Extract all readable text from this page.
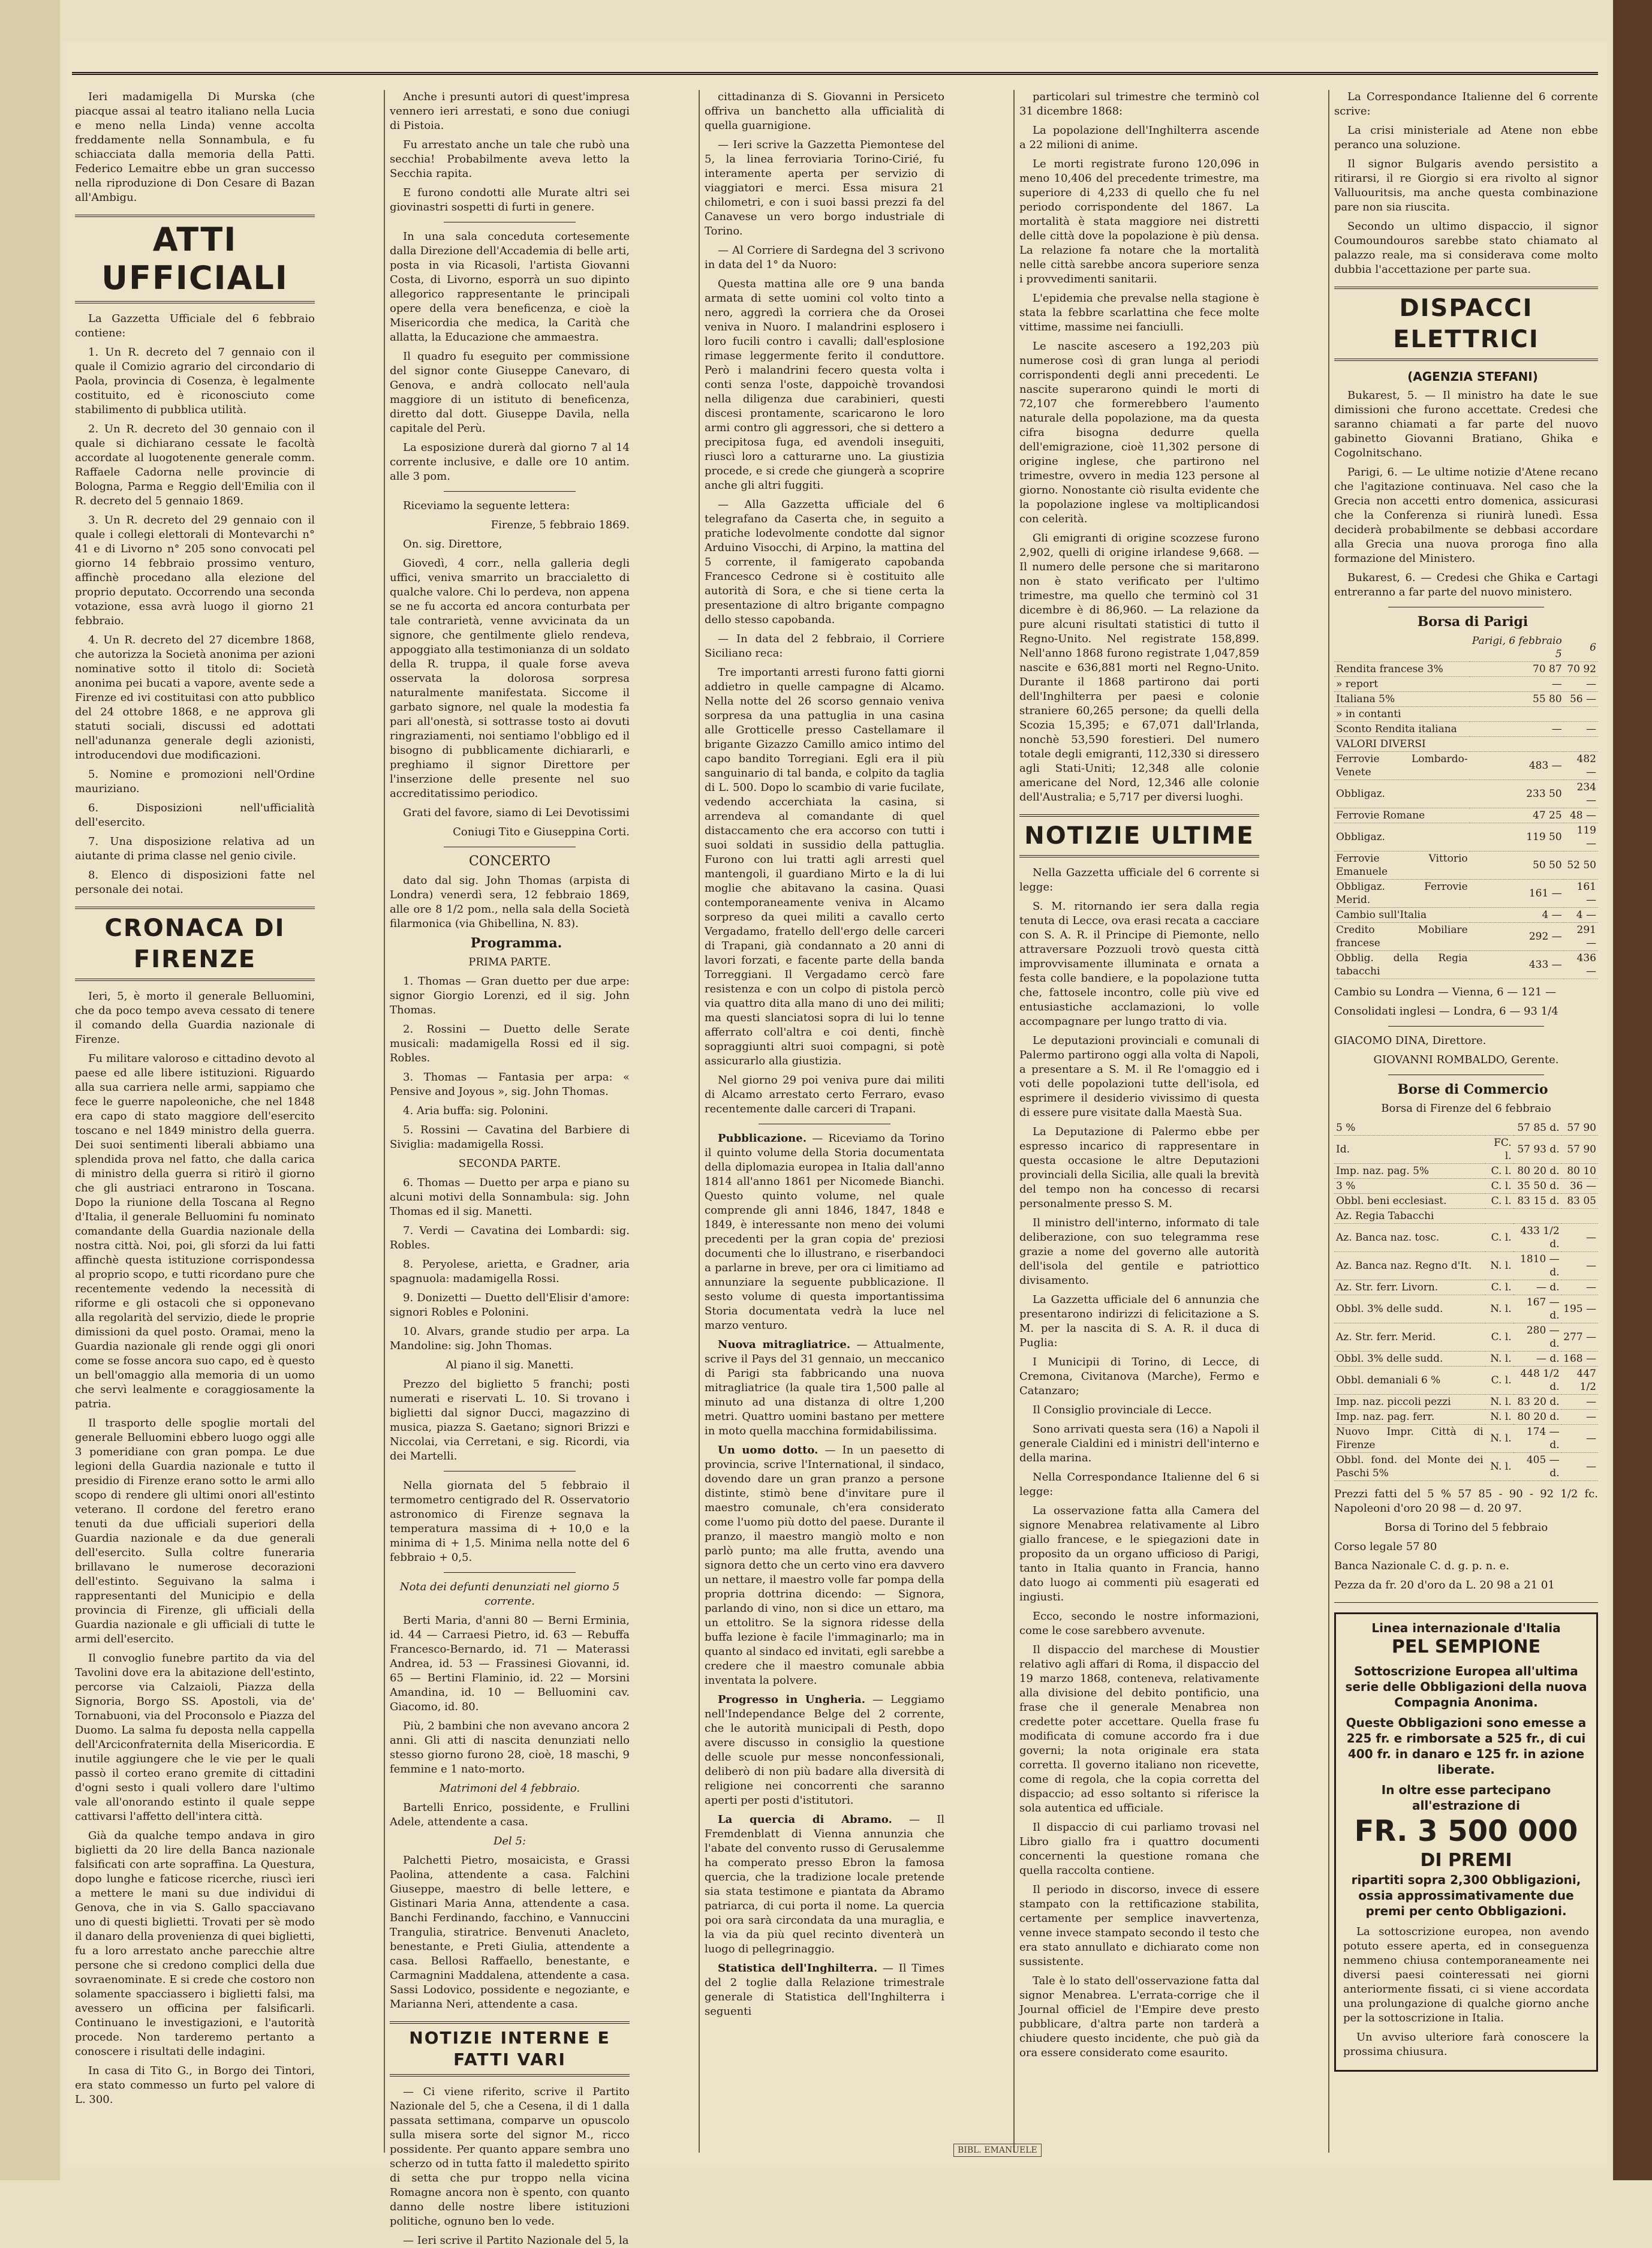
Ieri madamigella Di Murska (che piacque assai al teatro italiano nella Lucia e meno nella Linda) venne accolta freddamente nella Sonnambula, e fu schiacciata dalla memoria della Patti. Federico Lemaitre ebbe un gran successo nella riproduzione di Don Cesare di Bazan all'Ambigu.

ATTI UFFICIALI

La Gazzetta Ufficiale del 6 febbraio contiene:

1. Un R. decreto del 7 gennaio con il quale il Comizio agrario del circondario di Paola, provincia di Cosenza, è legalmente costituito, ed è riconosciuto come stabilimento di pubblica utilità.

2. Un R. decreto del 30 gennaio con il quale si dichiarano cessate le facoltà accordate al luogotenente generale comm. Raffaele Cadorna nelle provincie di Bologna, Parma e Reggio dell'Emilia con il R. decreto del 5 gennaio 1869.

3. Un R. decreto del 29 gennaio con il quale i collegi elettorali di Montevarchi n° 41 e di Livorno n° 205 sono convocati pel giorno 14 febbraio prossimo venturo, affinchè procedano alla elezione del proprio deputato. Occorrendo una seconda votazione, essa avrà luogo il giorno 21 febbraio.

4. Un R. decreto del 27 dicembre 1868, che autorizza la Società anonima per azioni nominative sotto il titolo di: Società anonima pei bucati a vapore, avente sede a Firenze ed ivi costituitasi con atto pubblico del 24 ottobre 1868, e ne approva gli statuti sociali, discussi ed adottati nell'adunanza generale degli azionisti, introducendovi due modificazioni.

5. Nomine e promozioni nell'Ordine mauriziano.

6. Disposizioni nell'ufficialità dell'esercito.

7. Una disposizione relativa ad un aiutante di prima classe nel genio civile.

8. Elenco di disposizioni fatte nel personale dei notai.

CRONACA DI FIRENZE

Ieri, 5, è morto il generale Belluomini, che da poco tempo aveva cessato di tenere il comando della Guardia nazionale di Firenze.

Fu militare valoroso e cittadino devoto al paese ed alle libere istituzioni. Riguardo alla sua carriera nelle armi, sappiamo che fece le guerre napoleoniche, che nel 1848 era capo di stato maggiore dell'esercito toscano e nel 1849 ministro della guerra. Dei suoi sentimenti liberali abbiamo una splendida prova nel fatto, che dalla carica di ministro della guerra si ritirò il giorno che gli austriaci entrarono in Toscana. Dopo la riunione della Toscana al Regno d'Italia, il generale Belluomini fu nominato comandante della Guardia nazionale della nostra città. Noi, poi, gli sforzi da lui fatti affinchè questa istituzione corrispondessa al proprio scopo, e tutti ricordano pure che recentemente vedendo la necessità di riforme e gli ostacoli che si opponevano alla regolarità del servizio, diede le proprie dimissioni da quel posto. Oramai, meno la Guardia nazionale gli rende oggi gli onori come se fosse ancora suo capo, ed è questo un bell'omaggio alla memoria di un uomo che servì lealmente e coraggiosamente la patria.

Il trasporto delle spoglie mortali del generale Belluomini ebbero luogo oggi alle 3 pomeridiane con gran pompa. Le due legioni della Guardia nazionale e tutto il presidio di Firenze erano sotto le armi allo scopo di rendere gli ultimi onori all'estinto veterano. Il cordone del feretro erano tenuti da due ufficiali superiori della Guardia nazionale e da due generali dell'esercito. Sulla coltre funeraria brillavano le numerose decorazioni dell'estinto. Seguivano la salma i rappresentanti del Municipio e della provincia di Firenze, gli ufficiali della Guardia nazionale e gli ufficiali di tutte le armi dell'esercito.

Il convoglio funebre partito da via del Tavolini dove era la abitazione dell'estinto, percorse via Calzaioli, Piazza della Signoria, Borgo SS. Apostoli, via de' Tornabuoni, via del Proconsolo e Piazza del Duomo. La salma fu deposta nella cappella dell'Arciconfraternita della Misericordia. E inutile aggiungere che le vie per le quali passò il corteo erano gremite di cittadini d'ogni sesto i quali vollero dare l'ultimo vale all'onorando estinto il quale seppe cattivarsi l'affetto dell'intera città.

Già da qualche tempo andava in giro biglietti da 20 lire della Banca nazionale falsificati con arte sopraffina. La Questura, dopo lunghe e faticose ricerche, riuscì ieri a mettere le mani su due individui di Genova, che in via S. Gallo spacciavano uno di questi biglietti. Trovati per sè modo il danaro della provenienza di quei biglietti, fu a loro arrestato anche parecchie altre persone che si credono complici della due sovraenominate. E si crede che costoro non solamente spacciassero i biglietti falsi, ma avessero un officina per falsificarli. Continuano le investigazioni, e l'autorità procede. Non tarderemo pertanto a conoscere i risultati delle indagini.

In casa di Tito G., in Borgo dei Tintori, era stato commesso un furto pel valore di L. 300.

Anche i presunti autori di quest'impresa vennero ieri arrestati, e sono due coniugi di Pistoia.

Fu arrestato anche un tale che rubò una secchia! Probabilmente aveva letto la Secchia rapita.

E furono condotti alle Murate altri sei giovinastri sospetti di furti in genere.

In una sala conceduta cortesemente dalla Direzione dell'Accademia di belle arti, posta in via Ricasoli, l'artista Giovanni Costa, di Livorno, esporrà un suo dipinto allegorico rappresentante le principali opere della vera beneficenza, e cioè la Misericordia che medica, la Carità che allatta, la Educazione che ammaestra.

Il quadro fu eseguito per commissione del signor conte Giuseppe Canevaro, di Genova, e andrà collocato nell'aula maggiore di un istituto di beneficenza, diretto dal dott. Giuseppe Davila, nella capitale del Perù.

La esposizione durerà dal giorno 7 al 14 corrente inclusive, e dalle ore 10 antim. alle 3 pom.

Riceviamo la seguente lettera:

Firenze, 5 febbraio 1869.

On. sig. Direttore,

Giovedì, 4 corr., nella galleria degli uffici, veniva smarrito un braccialetto di qualche valore. Chi lo perdeva, non appena se ne fu accorta ed ancora conturbata per tale contrarietà, venne avvicinata da un signore, che gentilmente glielo rendeva, appoggiato alla testimonianza di un soldato della R. truppa, il quale forse aveva osservata la dolorosa sorpresa naturalmente manifestata. Siccome il garbato signore, nel quale la modestia fa pari all'onestà, si sottrasse tosto ai dovuti ringraziamenti, noi sentiamo l'obbligo ed il bisogno di pubblicamente dichiararli, e preghiamo il signor Direttore per l'inserzione delle presente nel suo accreditatissimo periodico.

Grati del favore, siamo di Lei Devotissimi

Coniugi Tito e Giuseppina Corti.

CONCERTO

dato dal sig. John Thomas (arpista di Londra) venerdì sera, 12 febbraio 1869, alle ore 8 1/2 pom., nella sala della Società filarmonica (via Ghibellina, N. 83).

Programma.

PRIMA PARTE.

1. Thomas — Gran duetto per due arpe: signor Giorgio Lorenzi, ed il sig. John Thomas.

2. Rossini — Duetto delle Serate musicali: madamigella Rossi ed il sig. Robles.

3. Thomas — Fantasia per arpa: « Pensive and Joyous », sig. John Thomas.

4. Aria buffa: sig. Polonini.

5. Rossini — Cavatina del Barbiere di Siviglia: madamigella Rossi.

SECONDA PARTE.

6. Thomas — Duetto per arpa e piano su alcuni motivi della Sonnambula: sig. John Thomas ed il sig. Manetti.

7. Verdi — Cavatina dei Lombardi: sig. Robles.

8. Peryolese, arietta, e Gradner, aria spagnuola: madamigella Rossi.

9. Donizetti — Duetto dell'Elisir d'amore: signori Robles e Polonini.

10. Alvars, grande studio per arpa. La Mandoline: sig. John Thomas.

Al piano il sig. Manetti.

Prezzo del biglietto 5 franchi; posti numerati e riservati L. 10. Si trovano i biglietti dal signor Ducci, magazzino di musica, piazza S. Gaetano; signori Brizzi e Niccolai, via Cerretani, e sig. Ricordi, via dei Martelli.

Nella giornata del 5 febbraio il termometro centigrado del R. Osservatorio astronomico di Firenze segnava la temperatura massima di + 10,0 e la minima di + 1,5. Minima nella notte del 6 febbraio + 0,5.

Nota dei defunti denunziati nel giorno 5 corrente.

Berti Maria, d'anni 80 — Berni Erminia, id. 44 — Carraesi Pietro, id. 63 — Rebuffa Francesco-Bernardo, id. 71 — Materassi Andrea, id. 53 — Frassinesi Giovanni, id. 65 — Bertini Flaminio, id. 22 — Morsini Amandina, id. 10 — Belluomini cav. Giacomo, id. 80.

Più, 2 bambini che non avevano ancora 2 anni. Gli atti di nascita denunziati nello stesso giorno furono 28, cioè, 18 maschi, 9 femmine e 1 nato-morto.

Matrimoni del 4 febbraio.

Bartelli Enrico, possidente, e Frullini Adele, attendente a casa.

Del 5:

Palchetti Pietro, mosaicista, e Grassi Paolina, attendente a casa. Falchini Giuseppe, maestro di belle lettere, e Gistinari Maria Anna, attendente a casa. Banchi Ferdinando, facchino, e Vannuccini Trangulia, stiratrice. Benvenuti Anacleto, benestante, e Preti Giulia, attendente a casa. Bellosi Raffaello, benestante, e Carmagnini Maddalena, attendente a casa. Sassi Lodovico, possidente e negoziante, e Marianna Neri, attendente a casa.

NOTIZIE INTERNE E FATTI VARI

— Ci viene riferito, scrive il Partito Nazionale del 5, che a Cesena, il di 1 dalla passata settimana, comparve un opuscolo sulla misera sorte del signor M., ricco possidente. Per quanto appare sembra uno scherzo od in tutta fatto il maledetto spirito di setta che pur troppo nella vicina Romagne ancora non è spento, con quanto danno delle nostre libere istituzioni politiche, ognuno ben lo vede.

— Ieri scrive il Partito Nazionale del 5, la

cittadinanza di S. Giovanni in Persiceto offriva un banchetto alla ufficialità di quella guarnigione.

— Ieri scrive la Gazzetta Piemontese del 5, la linea ferroviaria Torino-Cirié, fu interamente aperta per servizio di viaggiatori e merci. Essa misura 21 chilometri, e con i suoi bassi prezzi fa del Canavese un vero borgo industriale di Torino.

— Al Corriere di Sardegna del 3 scrivono in data del 1° da Nuoro:

Questa mattina alle ore 9 una banda armata di sette uomini col volto tinto a nero, aggredì la corriera che da Orosei veniva in Nuoro. I malandrini esplosero i loro fucili contro i cavalli; dall'esplosione rimase leggermente ferito il conduttore. Però i malandrini fecero questa volta i conti senza l'oste, dappoichè trovandosi nella diligenza due carabinieri, questi discesi prontamente, scaricarono le loro armi contro gli aggressori, che si dettero a precipitosa fuga, ed avendoli inseguiti, riuscì loro a catturarne uno. La giustizia procede, e si crede che giungerà a scoprire anche gli altri fuggiti.

— Alla Gazzetta ufficiale del 6 telegrafano da Caserta che, in seguito a pratiche lodevolmente condotte dal signor Arduino Visocchi, di Arpino, la mattina del 5 corrente, il famigerato capobanda Francesco Cedrone si è costituito alle autorità di Sora, e che si tiene certa la presentazione di altro brigante compagno dello stesso capobanda.

— In data del 2 febbraio, il Corriere Siciliano reca:

Tre importanti arresti furono fatti giorni addietro in quelle campagne di Alcamo. Nella notte del 26 scorso gennaio veniva sorpresa da una pattuglia in una casina alle Grotticelle presso Castellamare il brigante Gizazzo Camillo amico intimo del capo bandito Torregiani. Egli era il più sanguinario di tal banda, e colpito da taglia di L. 500. Dopo lo scambio di varie fucilate, vedendo accerchiata la casina, si arrendeva al comandante di quel distaccamento che era accorso con tutti i suoi soldati in sussidio della pattuglia. Furono con lui tratti agli arresti quel mantengoli, il guardiano Mirto e la di lui moglie che abitavano la casina. Quasi contemporaneamente veniva in Alcamo sorpreso da quei militi a cavallo certo Vergadamo, fratello dell'ergo delle carceri di Trapani, già condannato a 20 anni di lavori forzati, e facente parte della banda Torreggiani. Il Vergadamo cercò fare resistenza e con un colpo di pistola percò via quattro dita alla mano di uno dei militi; ma questi slanciatosi sopra di lui lo tenne afferrato coll'altra e coi denti, finchè sopraggiunti altri suoi compagni, si potè assicurarlo alla giustizia.

Nel giorno 29 poi veniva pure dai militi di Alcamo arrestato certo Ferraro, evaso recentemente dalle carceri di Trapani.

Pubblicazione. — Riceviamo da Torino il quinto volume della Storia documentata della diplomazia europea in Italia dall'anno 1814 all'anno 1861 per Nicomede Bianchi. Questo quinto volume, nel quale comprende gli anni 1846, 1847, 1848 e 1849, è interessante non meno dei volumi precedenti per la gran copia de' preziosi documenti che lo illustrano, e riserbandoci a parlarne in breve, per ora ci limitiamo ad annunziare la seguente pubblicazione. Il sesto volume di questa importantissima Storia documentata vedrà la luce nel marzo venturo.

Nuova mitragliatrice. — Attualmente, scrive il Pays del 31 gennaio, un meccanico di Parigi sta fabbricando una nuova mitragliatrice (la quale tira 1,500 palle al minuto ad una distanza di oltre 1,200 metri. Quattro uomini bastano per mettere in moto quella macchina formidabilissima.

Un uomo dotto. — In un paesetto di provincia, scrive l'International, il sindaco, dovendo dare un gran pranzo a persone distinte, stimò bene d'invitare pure il maestro comunale, ch'era considerato come l'uomo più dotto del paese. Durante il pranzo, il maestro mangiò molto e non parlò punto; ma alle frutta, avendo una signora detto che un certo vino era davvero un nettare, il maestro volle far pompa della propria dottrina dicendo: — Signora, parlando di vino, non si dice un ettaro, ma un ettolitro. Se la signora ridesse della buffa lezione è facile l'immaginarlo; ma in quanto al sindaco ed invitati, egli sarebbe a credere che il maestro comunale abbia inventata la polvere.

Progresso in Ungheria. — Leggiamo nell'Independance Belge del 2 corrente, che le autorità municipali di Pesth, dopo avere discusso in consiglio la questione delle scuole pur messe nonconfessionali, deliberò di non più badare alla diversità di religione nei concorrenti che saranno aperti per posti d'istitutori.

La quercia di Abramo. — Il Fremdenblatt di Vienna annunzia che l'abate del convento russo di Gerusalemme ha comperato presso Ebron la famosa quercia, che la tradizione locale pretende sia stata testimone e piantata da Abramo patriarca, di cui porta il nome. La quercia poi ora sarà circondata da una muraglia, e la via da più quel recinto diventerà un luogo di pellegrinaggio.

Statistica dell'Inghilterra. — Il Times del 2 toglie dalla Relazione trimestrale generale di Statistica dell'Inghilterra i seguenti

particolari sul trimestre che terminò col 31 dicembre 1868:

La popolazione dell'Inghilterra ascende a 22 milioni di anime.

Le morti registrate furono 120,096 in meno 10,406 del precedente trimestre, ma superiore di 4,233 di quello che fu nel periodo corrispondente del 1867. La mortalità è stata maggiore nei distretti delle città dove la popolazione è più densa. La relazione fa notare che la mortalità nelle città sarebbe ancora superiore senza i provvedimenti sanitarii.

L'epidemia che prevalse nella stagione è stata la febbre scarlattina che fece molte vittime, massime nei fanciulli.

Le nascite ascesero a 192,203 più numerose così di gran lunga al periodi corrispondenti degli anni precedenti. Le nascite superarono quindi le morti di 72,107 che formerebbero l'aumento naturale della popolazione, ma da questa cifra bisogna dedurre quella dell'emigrazione, cioè 11,302 persone di origine inglese, che partirono nel trimestre, ovvero in media 123 persone al giorno. Nonostante ciò risulta evidente che la popolazione inglese va moltiplicandosi con celerità.

Gli emigranti di origine scozzese furono 2,902, quelli di origine irlandese 9,668. — Il numero delle persone che si maritarono non è stato verificato per l'ultimo trimestre, ma quello che terminò col 31 dicembre è di 86,960. — La relazione da pure alcuni risultati statistici di tutto il Regno-Unito. Nel registrate 158,899. Nell'anno 1868 furono registrate 1,047,859 nascite e 636,881 morti nel Regno-Unito. Durante il 1868 partirono dai porti dell'Inghilterra per paesi e colonie straniere 60,265 persone; da quelli della Scozia 15,395; e 67,071 dall'Irlanda, nonchè 53,590 forestieri. Del numero totale degli emigranti, 112,330 si diressero agli Stati-Uniti; 12,348 alle colonie americane del Nord, 12,346 alle colonie dell'Australia; e 5,717 per diversi luoghi.

NOTIZIE ULTIME

Nella Gazzetta ufficiale del 6 corrente si legge:

S. M. ritornando ier sera dalla regia tenuta di Lecce, ova erasi recata a cacciare con S. A. R. il Principe di Piemonte, nello attraversare Pozzuoli trovò questa città improvvisamente illuminata e ornata a festa colle bandiere, e la popolazione tutta che, fattosele incontro, colle più vive ed entusiastiche acclamazioni, lo volle accompagnare per lungo tratto di via.

Le deputazioni provinciali e comunali di Palermo partirono oggi alla volta di Napoli, a presentare a S. M. il Re l'omaggio ed i voti delle popolazioni tutte dell'isola, ed esprimere il desiderio vivissimo di questa di essere pure visitate dalla Maestà Sua.

La Deputazione di Palermo ebbe per espresso incarico di rappresentare in questa occasione le altre Deputazioni provinciali della Sicilia, alle quali la brevità del tempo non ha concesso di recarsi personalmente presso S. M.

Il ministro dell'interno, informato di tale deliberazione, con suo telegramma rese grazie a nome del governo alle autorità dell'isola del gentile e patriottico divisamento.

La Gazzetta ufficiale del 6 annunzia che presentarono indirizzi di felicitazione a S. M. per la nascita di S. A. R. il duca di Puglia:

I Municipii di Torino, di Lecce, di Cremona, Civitanova (Marche), Fermo e Catanzaro;

Il Consiglio provinciale di Lecce.

Sono arrivati questa sera (16) a Napoli il generale Cialdini ed i ministri dell'interno e della marina.

Nella Correspondance Italienne del 6 si legge:

La osservazione fatta alla Camera del signore Menabrea relativamente al Libro giallo francese, e le spiegazioni date in proposito da un organo ufficioso di Parigi, tanto in Italia quanto in Francia, hanno dato luogo ai commenti più esagerati ed ingiusti.

Ecco, secondo le nostre informazioni, come le cose sarebbero avvenute.

Il dispaccio del marchese di Moustier relativo agli affari di Roma, il dispaccio del 19 marzo 1868, conteneva, relativamente alla divisione del debito pontificio, una frase che il generale Menabrea non credette poter accettare. Quella frase fu modificata di comune accordo fra i due governi; la nota originale era stata corretta. Il governo italiano non ricevette, come di regola, che la copia corretta del dispaccio; ad esso soltanto si riferisce la sola autentica ed ufficiale.

Il dispaccio di cui parliamo trovasi nel Libro giallo fra i quattro documenti concernenti la questione romana che quella raccolta contiene.

Il periodo in discorso, invece di essere stampato con la rettificazione stabilita, certamente per semplice inavvertenza, venne invece stampato secondo il testo che era stato annullato e dichiarato come non sussistente.

Tale è lo stato dell'osservazione fatta dal signor Menabrea. L'errata-corrige che il Journal officiel de l'Empire deve presto pubblicare, d'altra parte non tarderà a chiudere questo incidente, che può già da ora essere considerato come esaurito.

La Correspondance Italienne del 6 corrente scrive:

La crisi ministeriale ad Atene non ebbe peranco una soluzione.

Il signor Bulgaris avendo persistito a ritirarsi, il re Giorgio si era rivolto al signor Valluouritsis, ma anche questa combinazione pare non sia riuscita.

Secondo un ultimo dispaccio, il signor Coumoundouros sarebbe stato chiamato al palazzo reale, ma si considerava come molto dubbia l'accettazione per parte sua.

DISPACCI ELETTRICI

(AGENZIA STEFANI)

Bukarest, 5. — Il ministro ha date le sue dimissioni che furono accettate. Credesi che saranno chiamati a far parte del nuovo gabinetto Giovanni Bratiano, Ghika e Cogolnitschano.

Parigi, 6. — Le ultime notizie d'Atene recano che l'agitazione continuava. Nel caso che la Grecia non accetti entro domenica, assicurasi che la Conferenza si riunirà lunedì. Essa deciderà probabilmente se debbasi accordare alla Grecia una nuova proroga fino alla formazione del Ministero.

Bukarest, 6. — Credesi che Ghika e Cartagi entreranno a far parte del nuovo ministero.

Borsa di Parigi

	Parigi, 6 febbraio 5	6
Rendita francese 3%	70 87	70 92
» report	—	—
Italiana 5%	55 80	56 —
» in contanti		
Sconto Rendita italiana	—	—
VALORI DIVERSI		
Ferrovie Lombardo-Venete	483 —	482 —
Obbligaz.	233 50	234 —
Ferrovie Romane	47 25	48 —
Obbligaz.	119 50	119 —
Ferrovie Vittorio Emanuele	50 50	52 50
Obbligaz. Ferrovie Merid.	161 —	161 —
Cambio sull'Italia	4 —	4 —
Credito Mobiliare francese	292 —	291 —
Obblig. della Regia tabacchi	433 —	436 —

Cambio su Londra — Vienna, 6 — 121 —

Consolidati inglesi — Londra, 6 — 93 1/4

GIACOMO DINA, Direttore.

GIOVANNI ROMBALDO, Gerente.

Borse di Commercio

Borsa di Firenze del 6 febbraio

5 %		57 85 d.	57 90
Id.	FC. l.	57 93 d.	57 90
Imp. naz. pag. 5%	C. l.	80 20 d.	80 10
3 %	C. l.	35 50 d.	36 —
Obbl. beni ecclesiast.	C. l.	83 15 d.	83 05
Az. Regia Tabacchi			
Az. Banca naz. tosc.	C. l.	433 1/2 d.	—
Az. Banca naz. Regno d'It.	N. l.	1810 — d.	—
Az. Str. ferr. Livorn.	C. l.	— d.	—
Obbl. 3% delle sudd.	N. l.	167 — d.	195 —
Az. Str. ferr. Merid.	C. l.	280 — d.	277 —
Obbl. 3% delle sudd.	N. l.	— d.	168 —
Obbl. demaniali 6 %	C. l.	448 1/2 d.	447 1/2
Imp. naz. piccoli pezzi	N. l.	83 20 d.	—
Imp. naz. pag. ferr.	N. l.	80 20 d.	—
Nuovo Impr. Città di Firenze	N. l.	174 — d.	—
Obbl. fond. del Monte dei Paschi 5%	N. l.	405 — d.	—

Prezzi fatti del 5 % 57 85 - 90 - 92 1/2 fc. Napoleoni d'oro 20 98 — d. 20 97.

Borsa di Torino del 5 febbraio

Corso legale 57 80

Banca Nazionale C. d. g. p. n. e.

Pezza da fr. 20 d'oro da L. 20 98 a 21 01

Linea internazionale d'Italia
PEL SEMPIONE
Sottoscrizione Europea all'ultima serie delle Obbligazioni della nuova Compagnia Anonima.
Queste Obbligazioni sono emesse a 225 fr. e rimborsate a 525 fr., di cui 400 fr. in danaro e 125 fr. in azione liberate.
In oltre esse partecipano all'estrazione di
FR. 3 500 000
DI PREMI
ripartiti sopra 2,300 Obbligazioni, ossia approssimativamente due premi per cento Obbligazioni.

La sottoscrizione europea, non avendo potuto essere aperta, ed in conseguenza nemmeno chiusa contemporaneamente nei diversi paesi cointeressati nei giorni anteriormente fissati, ci si viene accordata una prolungazione di qualche giorno anche per la sottoscrizione in Italia.

Un avviso ulteriore farà conoscere la prossima chiusura.

BIBL. EMANUELE
